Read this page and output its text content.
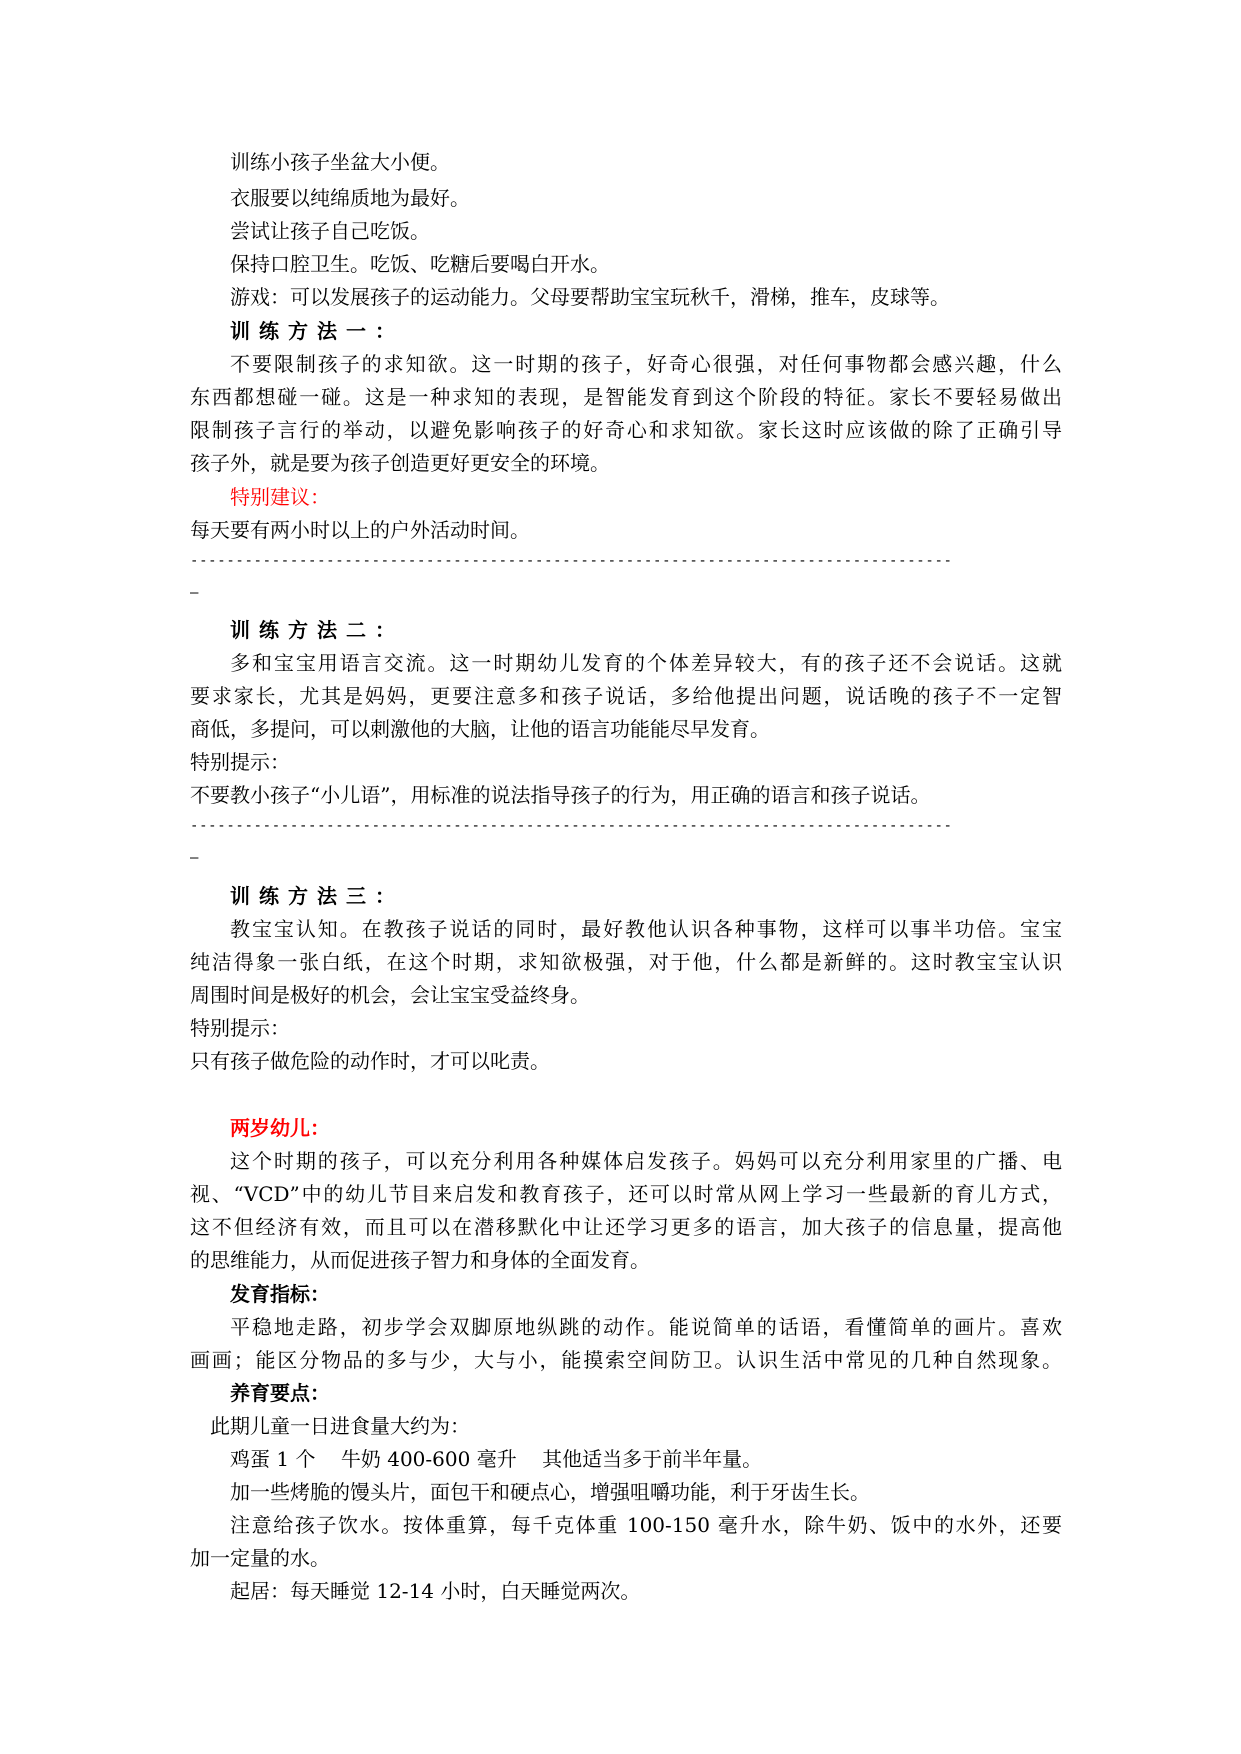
训练小孩子坐盆大小便。
衣服要以纯绵质地为最好。
尝试让孩子自己吃饭。
保持口腔卫生。吃饭、吃糖后要喝白开水。
游戏：可以发展孩子的运动能力。父母要帮助宝宝玩秋千，滑梯，推车，皮球等。
训练方法一：
不要限制孩子的求知欲。这一时期的孩子，好奇心很强，对任何事物都会感兴趣，什么
东西都想碰一碰。这是一种求知的表现，是智能发育到这个阶段的特征。家长不要轻易做出
限制孩子言行的举动，以避免影响孩子的好奇心和求知欲。家长这时应该做的除了正确引导
孩子外，就是要为孩子创造更好更安全的环境。
特别建议：
每天要有两小时以上的户外活动时间。
------------------------------------------------------------------------------------
–
训练方法二：
多和宝宝用语言交流。这一时期幼儿发育的个体差异较大，有的孩子还不会说话。这就
要求家长，尤其是妈妈，更要注意多和孩子说话，多给他提出问题，说话晚的孩子不一定智
商低，多提问，可以刺激他的大脑，让他的语言功能能尽早发育。
特别提示：
不要教小孩子“小儿语”，用标准的说法指导孩子的行为，用正确的语言和孩子说话。
------------------------------------------------------------------------------------
–
训练方法三：
教宝宝认知。在教孩子说话的同时，最好教他认识各种事物，这样可以事半功倍。宝宝
纯洁得象一张白纸，在这个时期，求知欲极强，对于他，什么都是新鲜的。这时教宝宝认识
周围时间是极好的机会，会让宝宝受益终身。
特别提示：
只有孩子做危险的动作时，才可以叱责。
两岁幼儿：
这个时期的孩子，可以充分利用各种媒体启发孩子。妈妈可以充分利用家里的广播、电
视、“VCD”中的幼儿节目来启发和教育孩子，还可以时常从网上学习一些最新的育儿方式，
这不但经济有效，而且可以在潜移默化中让还学习更多的语言，加大孩子的信息量，提高他
的思维能力，从而促进孩子智力和身体的全面发育。
发育指标：
平稳地走路，初步学会双脚原地纵跳的动作。能说简单的话语，看懂简单的画片。喜欢
画画；能区分物品的多与少，大与小，能摸索空间防卫。认识生活中常见的几种自然现象。
养育要点：
此期儿童一日进食量大约为：
鸡蛋 1 个    牛奶 400-600 毫升    其他适当多于前半年量。
加一些烤脆的馒头片，面包干和硬点心，增强咀嚼功能，利于牙齿生长。
注意给孩子饮水。按体重算，每千克体重 100-150 毫升水，除牛奶、饭中的水外，还要
加一定量的水。
起居：每天睡觉 12-14 小时，白天睡觉两次。
